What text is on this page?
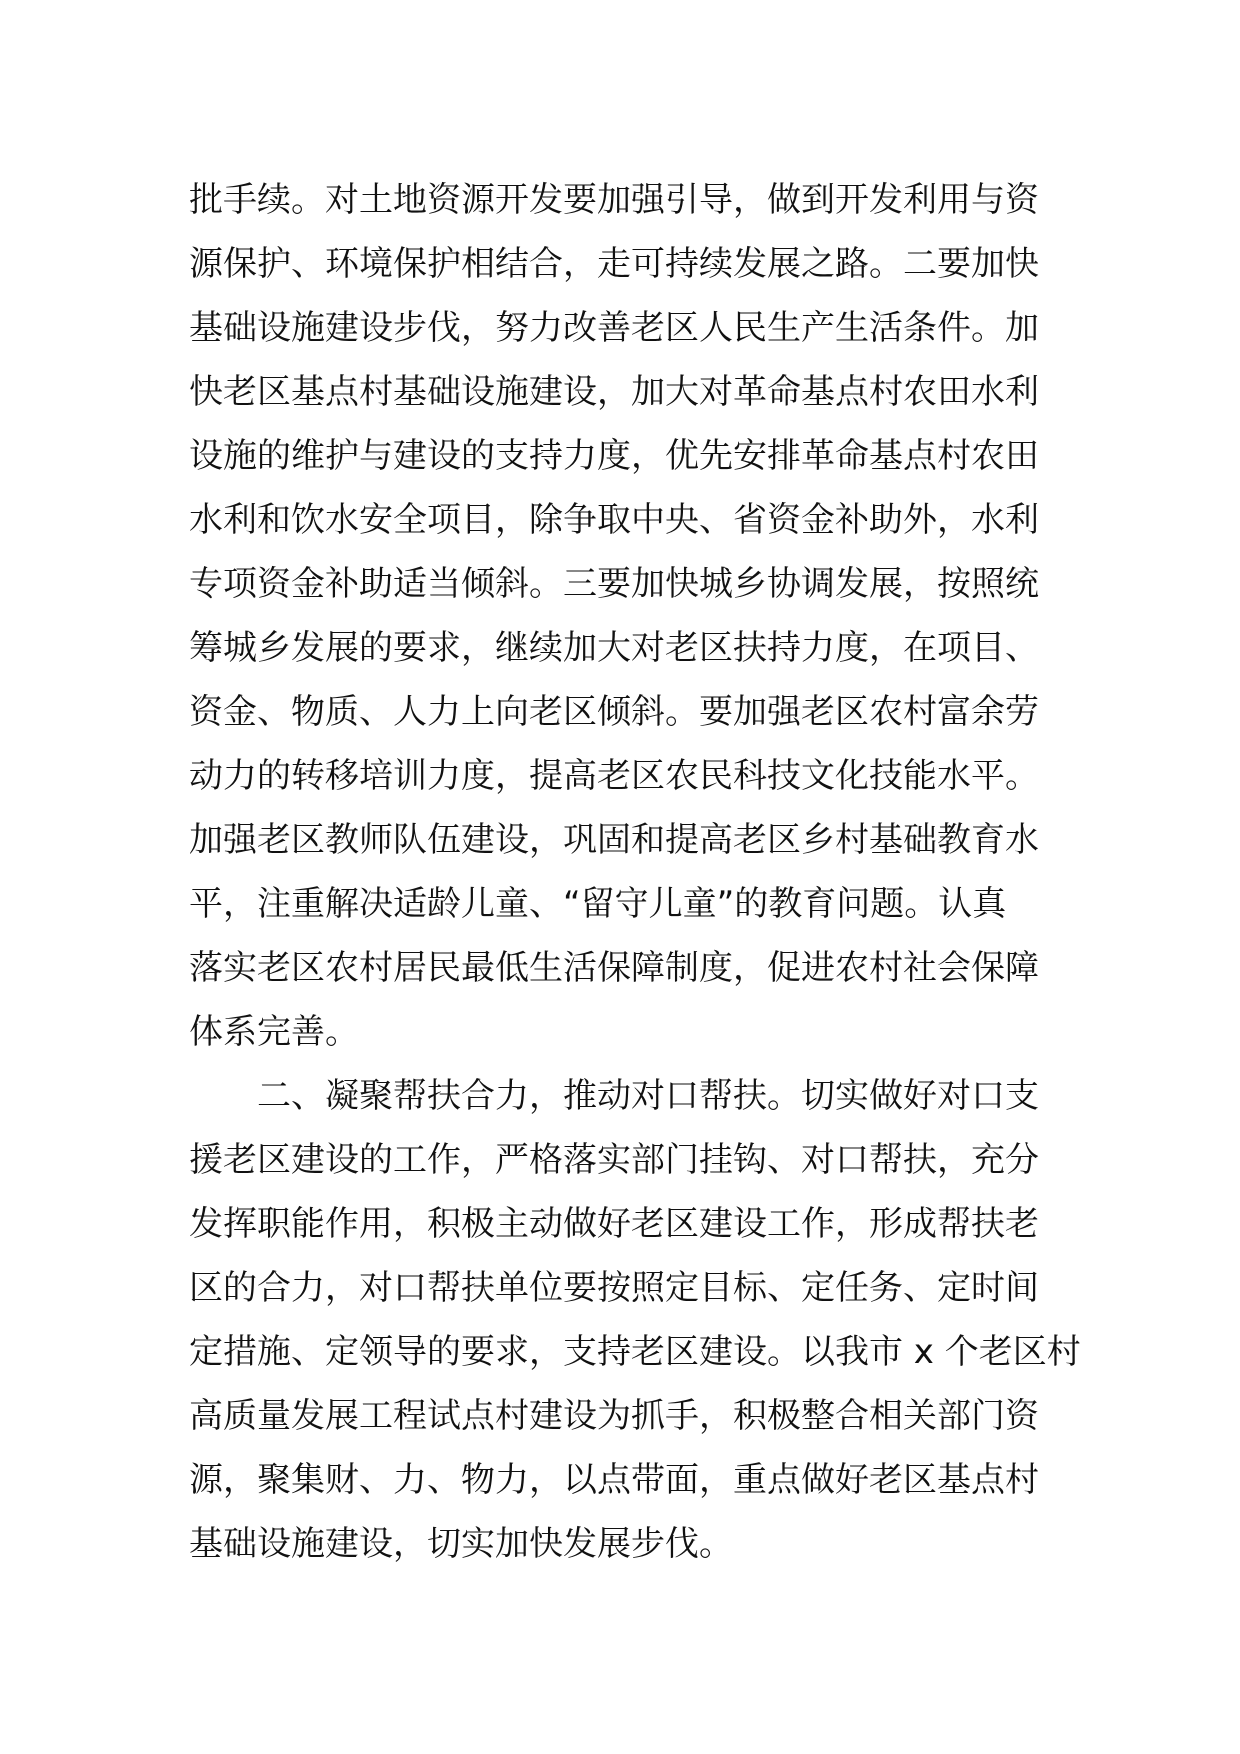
批手续。对土地资源开发要加强引导，做到开发利用与资
源保护、环境保护相结合，走可持续发展之路。二要加快
基础设施建设步伐，努力改善老区人民生产生活条件。加
快老区基点村基础设施建设，加大对革命基点村农田水利
设施的维护与建设的支持力度，优先安排革命基点村农田
水利和饮水安全项目，除争取中央、省资金补助外，水利
专项资金补助适当倾斜。三要加快城乡协调发展，按照统
筹城乡发展的要求，继续加大对老区扶持力度，在项目、
资金、物质、人力上向老区倾斜。要加强老区农村富余劳
动力的转移培训力度，提高老区农民科技文化技能水平。
加强老区教师队伍建设，巩固和提高老区乡村基础教育水
平，注重解决适龄儿童、“留守儿童”的教育问题。认真
落实老区农村居民最低生活保障制度，促进农村社会保障
体系完善。
二、凝聚帮扶合力，推动对口帮扶。切实做好对口支
援老区建设的工作，严格落实部门挂钩、对口帮扶，充分
发挥职能作用，积极主动做好老区建设工作，形成帮扶老
区的合力，对口帮扶单位要按照定目标、定任务、定时间
定措施、定领导的要求，支持老区建设。以我市 x 个老区村
高质量发展工程试点村建设为抓手，积极整合相关部门资
源，聚集财、力、物力，以点带面，重点做好老区基点村
基础设施建设，切实加快发展步伐。
